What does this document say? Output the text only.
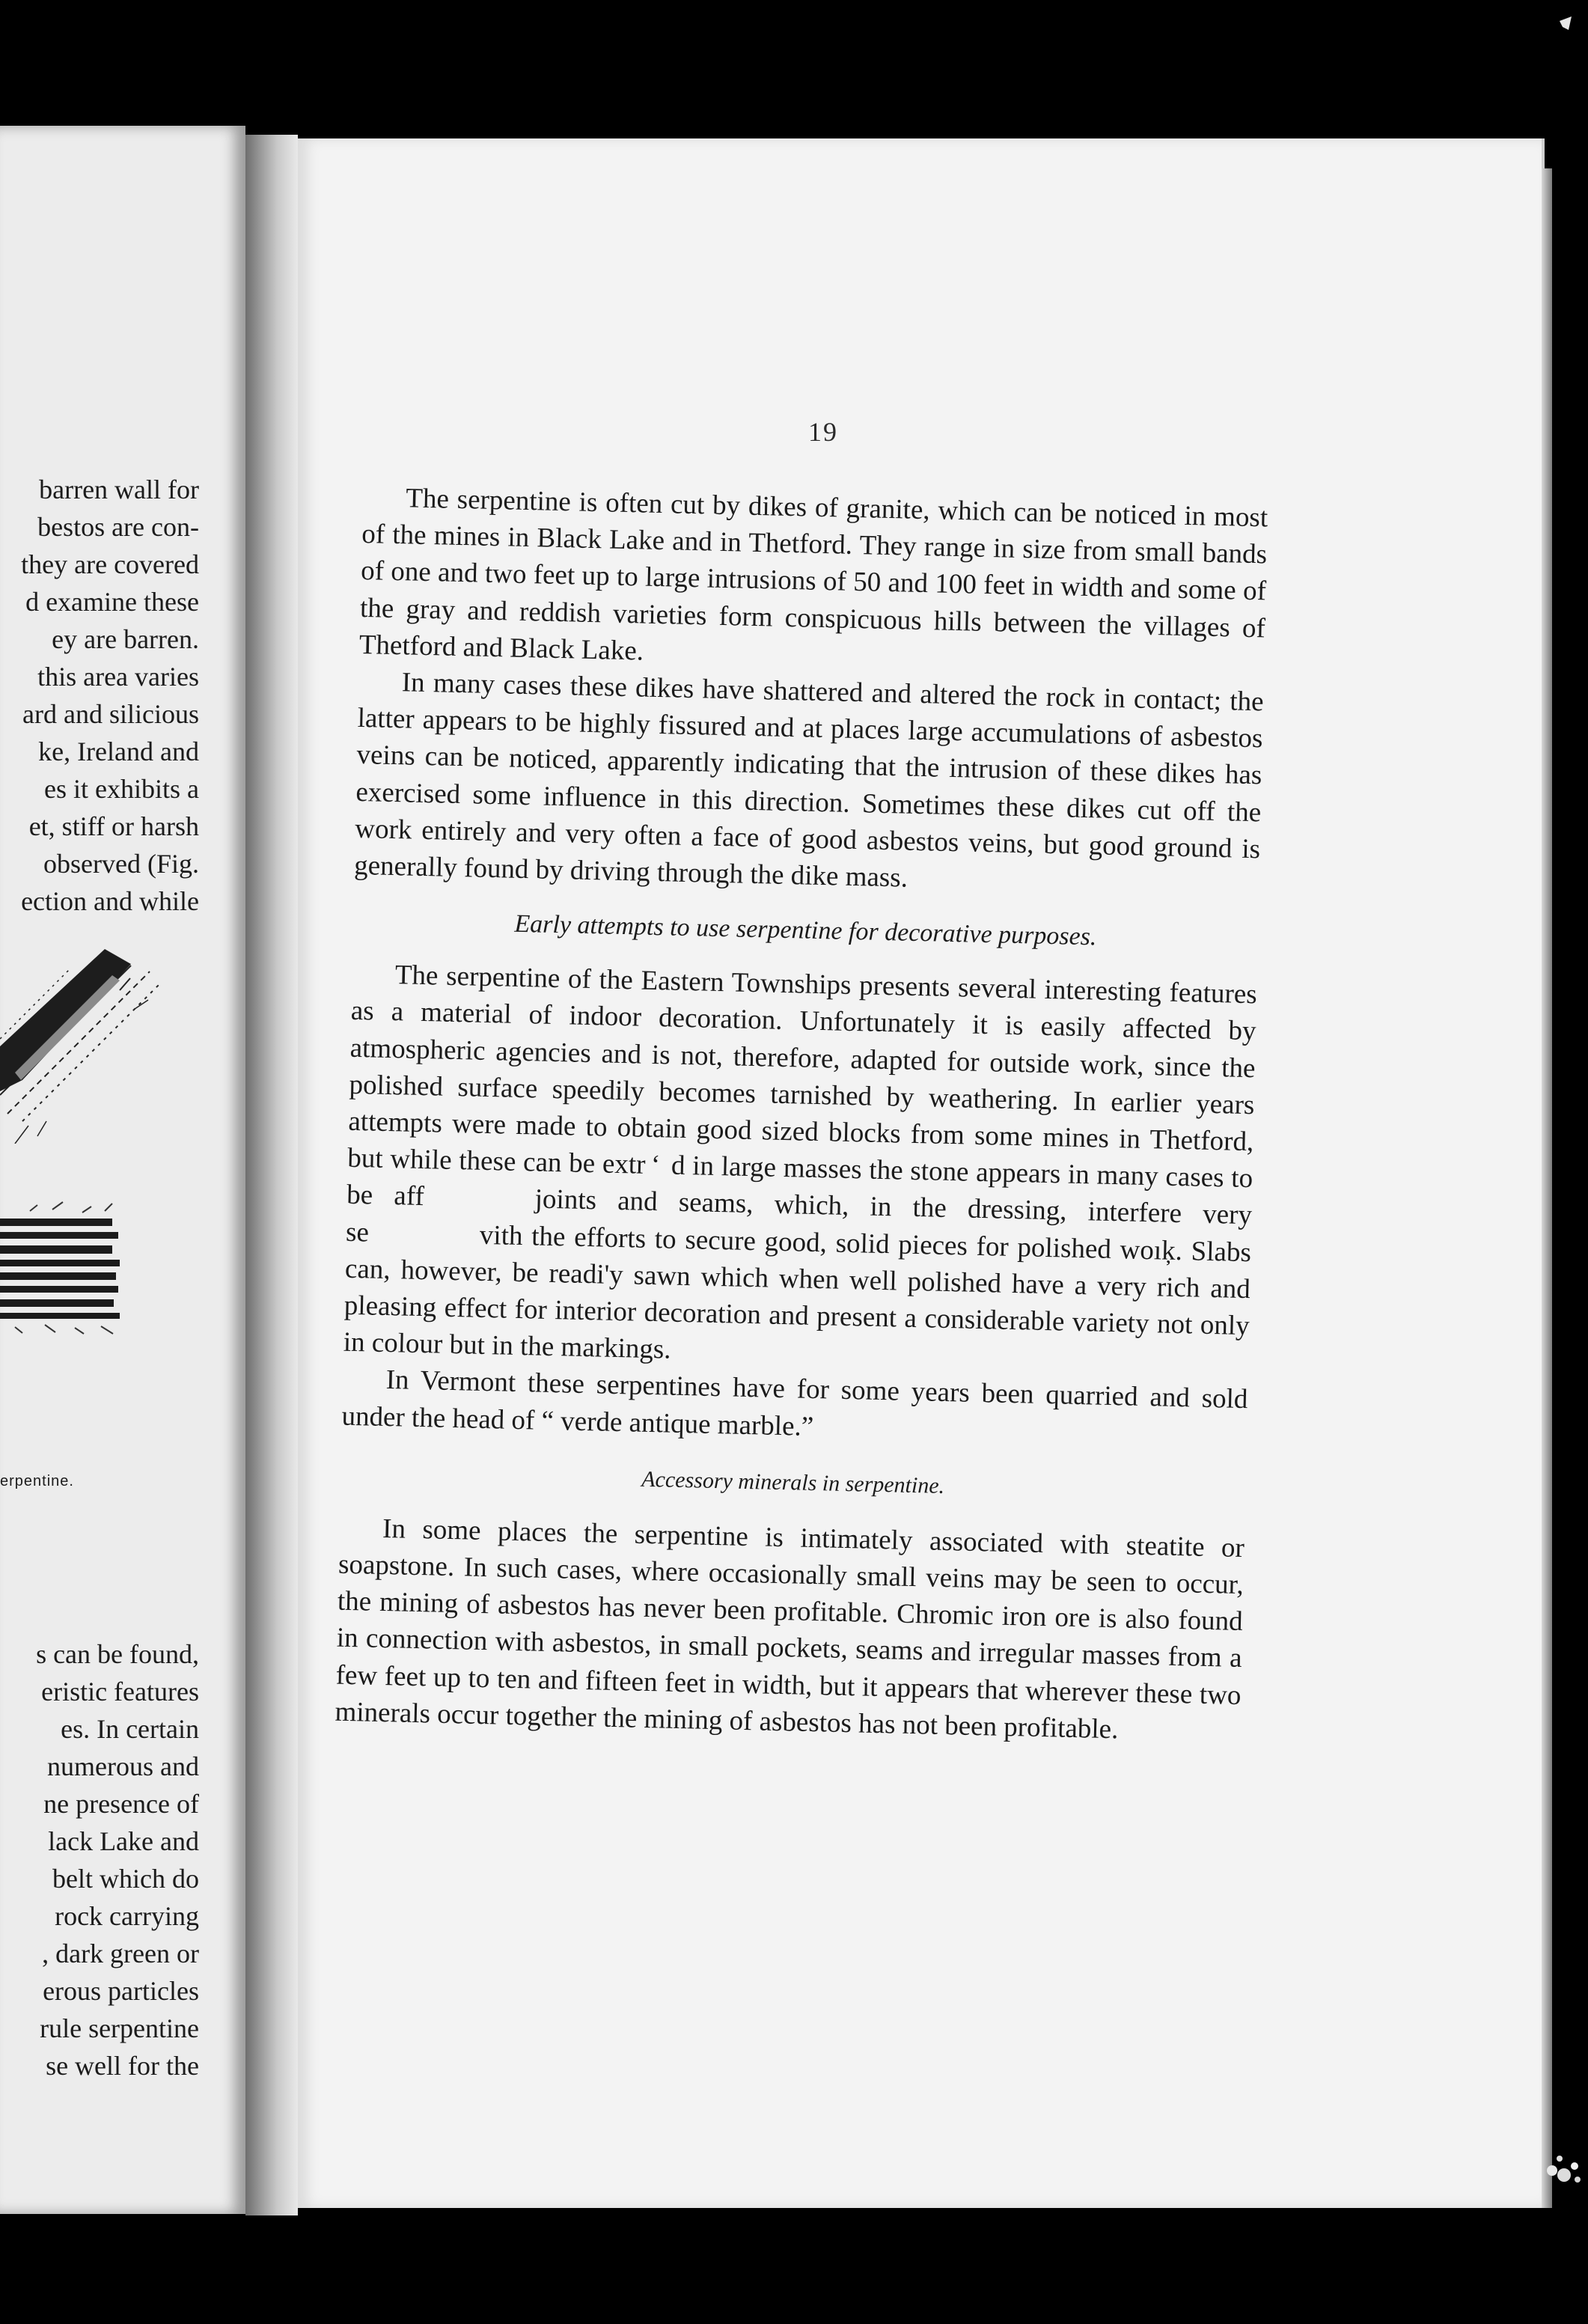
barren wall for

bestos are con-

they are covered

d examine these

ey are barren.

this area varies

ard and silicious

ke, Ireland and

es it exhibits a

et, stiff or harsh

observed (Fig.

ection and while

erpentine.

s can be found,

eristic features

es. In certain

numerous and

ne presence of

lack Lake and

belt which do

rock carrying

, dark green or

erous particles

rule serpentine

se well for the

19

The serpentine is often cut by dikes of granite, which can be noticed in most of the mines in Black Lake and in Thetford. They range in size from small bands of one and two feet up to large intrusions of 50 and 100 feet in width and some of the gray and reddish varieties form conspicuous hills between the villages of Thetford and Black Lake.

In many cases these dikes have shattered and altered the rock in contact; the latter appears to be highly fissured and at places large accumulations of asbestos veins can be noticed, apparently indicating that the intrusion of these dikes has exercised some influence in this direction. Sometimes these dikes cut off the work entirely and very often a face of good asbestos veins, but good ground is generally found by driving through the dike mass.

Early attempts to use serpentine for decorative purposes.

The serpentine of the Eastern Townships presents several interesting features as a material of indoor decoration. Unfortunately it is easily affected by atmospheric agencies and is not, therefore, adapted for outside work, since the polished surface speedily becomes tarnished by weathering. In earlier years attempts were made to obtain good sized blocks from some mines in Thetford, but while these can be extr ʻ  d in large masses the stone appears in many cases to be aff    joints and seams, which, in the dressing, interfere very se    vith the efforts to secure good, solid pieces for polished woıķ. Slabs can, however, be readi'y sawn which when well polished have a very rich and pleasing effect for interior decoration and present a considerable variety not only in colour but in the markings.

In Vermont these serpentines have for some years been quarried and sold under the head of “ verde antique marble.”

Accessory minerals in serpentine.

In some places the serpentine is intimately associated with steatite or soapstone. In such cases, where occasionally small veins may be seen to occur, the mining of asbestos has never been profitable. Chromic iron ore is also found in connection with asbestos, in small pockets, seams and irregular masses from a few feet up to ten and fifteen feet in width, but it appears that wherever these two minerals occur together the mining of asbestos has not been profitable.
